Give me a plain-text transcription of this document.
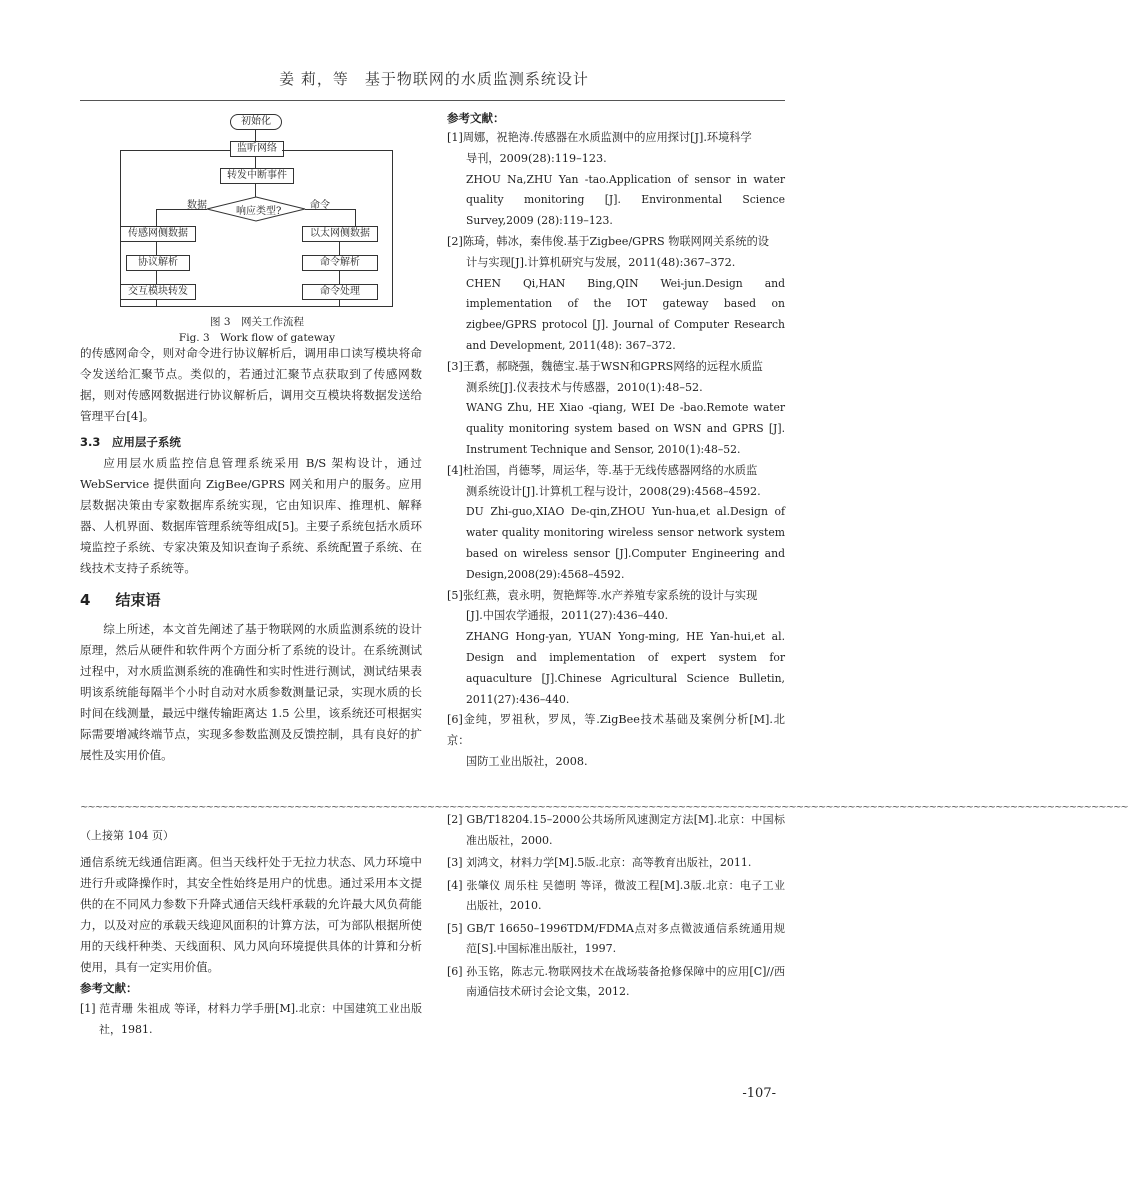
姜 莉，等　基于物联网的水质监测系统设计
初始化
监听网络
转发中断事件
响应类型?
数据	命令
传感网侧数据
协议解析
交互模块转发
以太网侧数据
命令解析
命令处理
图 3　网关工作流程
Fig. 3　Work flow of gateway

的传感网命令，则对命令进行协议解析后，调用串口读写模块将命令发送给汇聚节点。类似的，若通过汇聚节点获取到了传感网数据，则对传感网数据进行协议解析后，调用交互模块将数据发送给管理平台[4]。

3.3　应用层子系统

应用层水质监控信息管理系统采用 B/S 架构设计，通过 WebService 提供面向 ZigBee/GPRS 网关和用户的服务。应用层数据决策由专家数据库系统实现，它由知识库、推理机、解释器、人机界面、数据库管理系统等组成[5]。主要子系统包括水质环境监控子系统、专家决策及知识查询子系统、系统配置子系统、在线技术支持子系统等。

4 结束语

综上所述，本文首先阐述了基于物联网的水质监测系统的设计原理，然后从硬件和软件两个方面分析了系统的设计。在系统测试过程中，对水质监测系统的准确性和实时性进行测试，测试结果表明该系统能每隔半个小时自动对水质参数测量记录，实现水质的长时间在线测量，最远中继传输距离达 1.5 公里，该系统还可根据实际需要增减终端节点，实现多参数监测及反馈控制，具有良好的扩展性及实用价值。

参考文献：
[1]周娜，祝艳涛.传感器在水质监测中的应用探讨[J].环境科学
导刊，2009(28):119–123.
ZHOU Na,ZHU Yan -tao.Application of sensor in water quality monitoring [J]. Environmental Science Survey,2009 (28):119–123.
[2]陈琦，韩冰，秦伟俊.基于Zigbee/GPRS 物联网网关系统的设
计与实现[J].计算机研究与发展，2011(48):367–372.
CHEN Qi,HAN Bing,QIN Wei-jun.Design and implementation of the IOT gateway based on zigbee/GPRS protocol [J]. Journal of Computer Research and Development, 2011(48): 367–372.
[3]王翥，郝晓强，魏德宝.基于WSN和GPRS网络的远程水质监
测系统[J].仪表技术与传感器，2010(1):48–52.
WANG Zhu, HE Xiao -qiang, WEI De -bao.Remote water quality monitoring system based on WSN and GPRS [J]. Instrument Technique and Sensor, 2010(1):48–52.
[4]杜治国，肖德琴，周运华，等.基于无线传感器网络的水质监
测系统设计[J].计算机工程与设计，2008(29):4568–4592.
DU Zhi-guo,XIAO De-qin,ZHOU Yun-hua,et al.Design of water quality monitoring wireless sensor network system based on wireless sensor [J].Computer Engineering and Design,2008(29):4568–4592.
[5]张红燕，袁永明，贺艳辉等.水产养殖专家系统的设计与实现
[J].中国农学通报，2011(27):436–440.
ZHANG Hong-yan, YUAN Yong-ming, HE Yan-hui,et al. Design and implementation of expert system for aquaculture [J].Chinese Agricultural Science Bulletin, 2011(27):436–440.
[6]金纯，罗祖秋，罗凤，等.ZigBee技术基础及案例分析[M].北京：
国防工业出版社，2008.
~~~~~~~~~~~~~~~~~~~~~~~~~~~~~~~~~~~~~~~~~~~~~~~~~~~~~~~~~~~~~~~~~~~~~~~~~~~~~~~~~~~~~~~~~~~~~~~~~~~~~~~~~~~~~~~~~~~~~~~~~~~~~~~~~~~~~~~~~~~~~~
（上接第 104 页）

通信系统无线通信距离。但当天线杆处于无拉力状态、风力环境中进行升或降操作时，其安全性始终是用户的忧患。通过采用本文提供的在不同风力参数下升降式通信天线杆承载的允许最大风负荷能力，以及对应的承载天线迎风面积的计算方法，可为部队根据所使用的天线杆种类、天线面积、风力风向环境提供具体的计算和分析使用，具有一定实用价值。

参考文献：

[1] 范青珊 朱祖成 等译，材料力学手册[M].北京：中国建筑工业出版社，1981.

[2] GB/T18204.15–2000公共场所风速测定方法[M].北京：中国标准出版社，2000.

[3] 刘鸿文，材料力学[M].5版.北京：高等教育出版社，2011.

[4] 张肇仪 周乐柱 吴德明 等译，微波工程[M].3版.北京：电子工业出版社，2010.

[5] GB/T 16650–1996TDM/FDMA点对多点微波通信系统通用规范[S].中国标准出版社，1997.

[6] 孙玉铭，陈志元.物联网技术在战场装备抢修保障中的应用[C]//西南通信技术研讨会论文集，2012.

-107-
